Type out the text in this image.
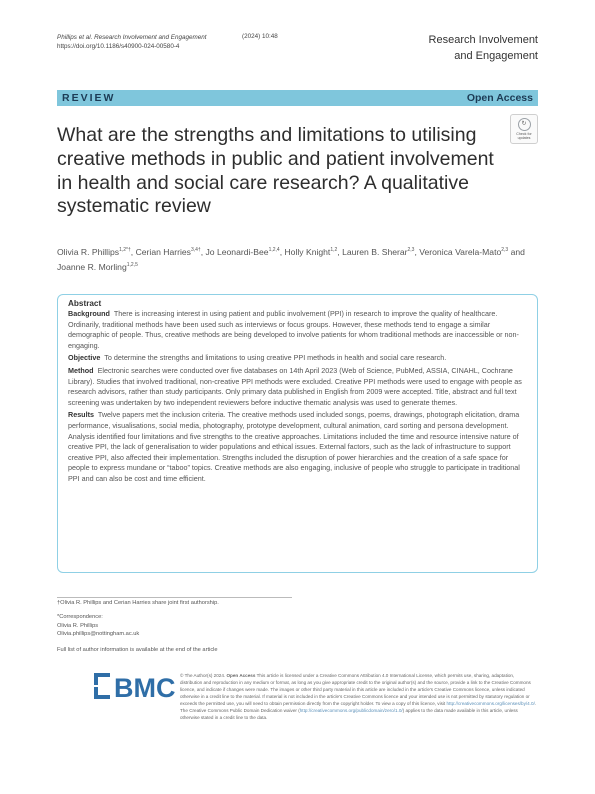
Phillips et al. Research Involvement and Engagement
https://doi.org/10.1186/s40900-024-00580-4
(2024) 10:48	Research Involvement
and Engagement
REVIEW	Open Access
What are the strengths and limitations to utilising creative methods in public and patient involvement in health and social care research? A qualitative systematic review
↻
Check for
updates
Olivia R. Phillips$^{1,2*\dagger}$, Cerian Harries$^{3,4\dagger}$, Jo Leonardi-Bee$^{1,2,4}$, Holly Knight$^{1,2}$, Lauren B. Sherar$^{2,3}$, Veronica Varela-Mato$^{2,3}$ and Joanne R. Morling$^{1,2,5}$
Abstract

Background There is increasing interest in using patient and public involvement (PPI) in research to improve the quality of healthcare. Ordinarily, traditional methods have been used such as interviews or focus groups. However, these methods tend to engage a similar demographic of people. Thus, creative methods are being developed to involve patients for whom traditional methods are inaccessible or non-engaging.

Objective To determine the strengths and limitations to using creative PPI methods in health and social care research.

Method Electronic searches were conducted over five databases on 14th April 2023 (Web of Science, PubMed, ASSIA, CINAHL, Cochrane Library). Studies that involved traditional, non-creative PPI methods were excluded. Creative PPI methods were used to engage with people as research advisors, rather than study participants. Only primary data published in English from 2009 were accepted. Title, abstract and full text screening was undertaken by two independent reviewers before inductive thematic analysis was used to generate themes.

Results Twelve papers met the inclusion criteria. The creative methods used included songs, poems, drawings, photograph elicitation, drama performance, visualisations, social media, photography, prototype development, cultural animation, card sorting and persona development. Analysis identified four limitations and five strengths to the creative approaches. Limitations included the time and resource intensive nature of creative PPI, the lack of generalisation to wider populations and ethical issues. External factors, such as the lack of infrastructure to support creative PPI, also affected their implementation. Strengths included the disruption of power hierarchies and the creation of a safe space for people to express mundane or “taboo” topics. Creative methods are also engaging, inclusive of people who struggle to participate in traditional PPI and can also be cost and time efficient.

†Olivia R. Phillips and Cerian Harries share joint first authorship.
*Correspondence:
Olivia R. Phillips
Olivia.phillips@nottingham.ac.uk
Full list of author information is available at the end of the article
BMC © The Author(s) 2024. Open Access This article is licensed under a Creative Commons Attribution 4.0 International License, which permits use, sharing, adaptation, distribution and reproduction in any medium or format, as long as you give appropriate credit to the original author(s) and the source, provide a link to the Creative Commons licence, and indicate if changes were made. The images or other third party material in this article are included in the article's Creative Commons licence, unless indicated otherwise in a credit line to the material. If material is not included in the article's Creative Commons licence and your intended use is not permitted by statutory regulation or exceeds the permitted use, you will need to obtain permission directly from the copyright holder. To view a copy of this licence, visit http://creativecommons.org/licenses/by/4.0/. The Creative Commons Public Domain Dedication waiver (http://creativecommons.org/publicdomain/zero/1.0/) applies to the data made available in this article, unless otherwise stated in a credit line to the data.
